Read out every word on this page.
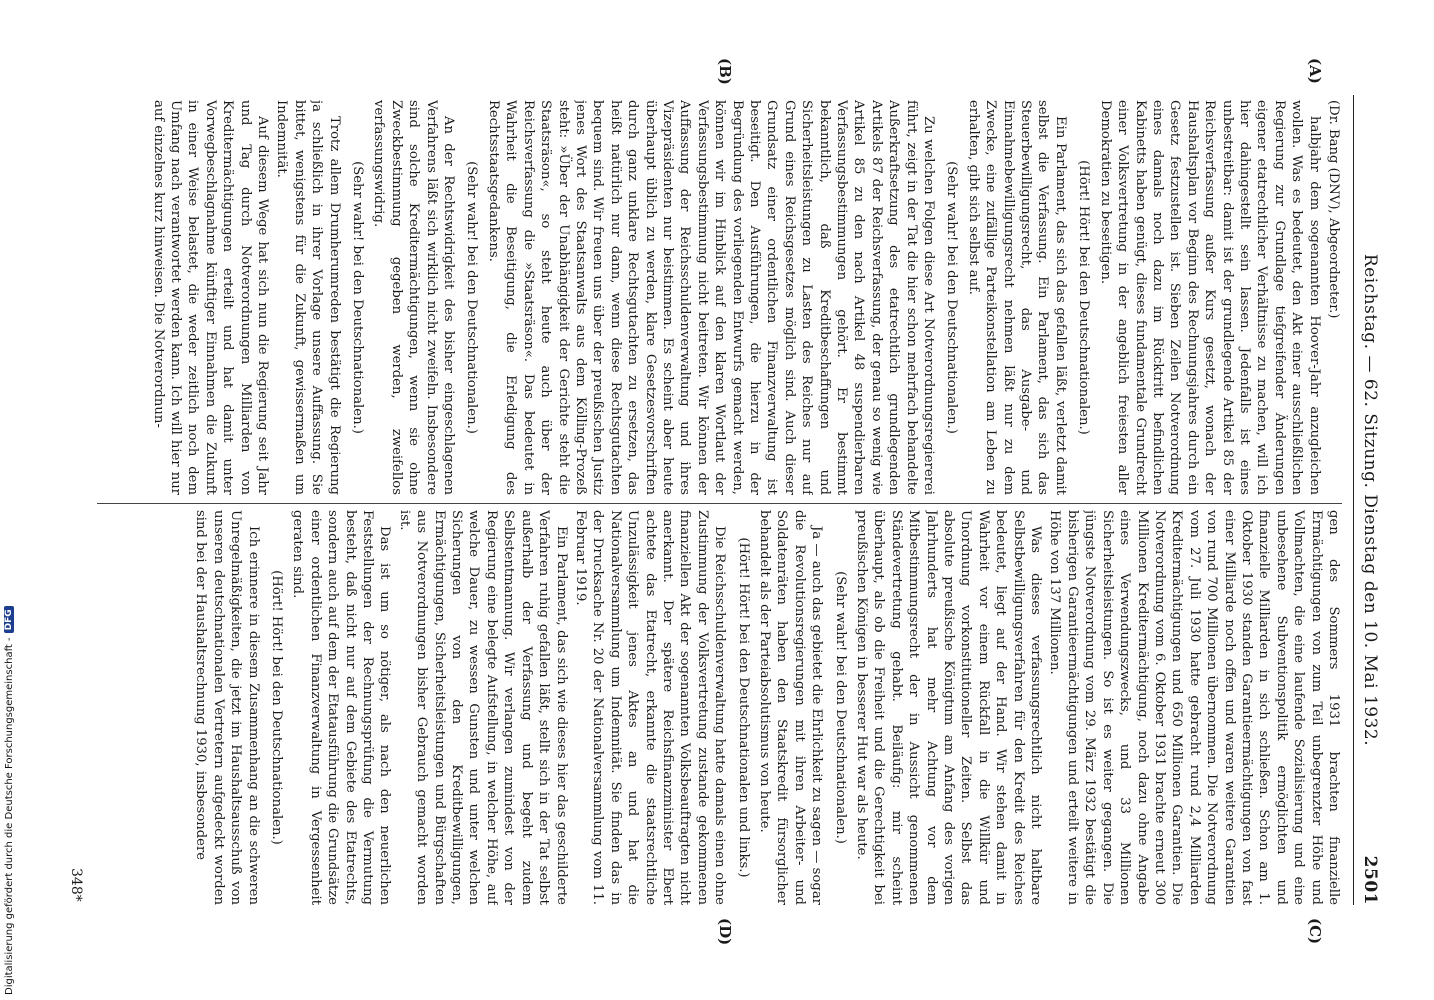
Reichstag. — 62. Sitzung. Dienstag den 10. Mai 1932.
2501
(A)
(B)
(C)
(D)

(Dr. Bang (DNV), Abgeordneter.)

halbjahr dem sogenannten Hoover-Jahr anzugleichen wollen. Was es bedeutet, den Akt einer ausschließlichen Regierung zur Grundlage tiefgreifender Änderungen eigener etatrechtlicher Verhältnisse zu machen, will ich hier dahingestellt sein lassen. Jedenfalls ist eines unbestreitbar: damit ist der grundlegende Artikel 85 der Reichsverfassung außer Kurs gesetzt, wonach der Haushaltsplan vor Beginn des Rechnungsjahres durch ein Gesetz festzustellen ist. Sieben Zeilen Notverordnung eines damals noch dazu im Rücktritt befindlichen Kabinetts haben genügt, dieses fundamentale Grundrecht einer Volksvertretung in der angeblich freiesten aller Demokratien zu beseitigen.

(Hört! Hört! bei den Deutschnationalen.)

Ein Parlament, das sich das gefallen läßt, verletzt damit selbst die Verfassung. Ein Parlament, das sich das Steuerbewilligungsrecht, das Ausgabe- und Einnahmebewilligungsrecht nehmen läßt nur zu dem Zwecke, eine zufällige Parteikonstellation am Leben zu erhalten, gibt sich selbst auf.

(Sehr wahr! bei den Deutschnationalen.)

Zu welchen Folgen diese Art Notverordnungsregiererei führt, zeigt in der Tat die hier schon mehrfach behandelte Außerkraftsetzung des etatrechtlich grundlegenden Artikels 87 der Reichsverfassung, der genau so wenig wie Artikel 85 zu den nach Artikel 48 suspendierbaren Verfassungsbestimmungen gehört. Er bestimmt bekanntlich, daß Kreditbeschaffungen und Sicherheitsleistungen zu Lasten des Reiches nur auf Grund eines Reichsgesetzes möglich sind. Auch dieser Grundsatz einer ordentlichen Finanzverwaltung ist beseitigt. Den Ausführungen, die hierzu in der Begründung des vorliegenden Entwurfs gemacht werden, können wir im Hinblick auf den klaren Wortlaut der Verfassungsbestimmung nicht beitreten. Wir können der Auffassung der Reichsschuldenverwaltung und ihres Vizepräsidenten nur beistimmen. Es scheint aber heute überhaupt üblich zu werden, klare Gesetzesvorschriften durch ganz unklare Rechtsgutachten zu ersetzen, das heißt natürlich nur dann, wenn diese Rechtsgutachten bequem sind. Wir freuen uns über der preußischen Justiz jenes Wort des Staatsanwalts aus dem Kölling-Prozeß steht: »Über der Unabhängigkeit der Gerichte steht die Staatsräson«, so steht heute auch über der Reichsverfassung die »Staatsräson«. Das bedeutet in Wahrheit die Beseitigung, die Erledigung des Rechtsstaatsgedankens.

(Sehr wahr! bei den Deutschnationalen.)

An der Rechtswidrigkeit des bisher eingeschlagenen Verfahrens läßt sich wirklich nicht zweifeln. Insbesondere sind solche Kreditermächtigungen, wenn sie ohne Zweckbestimmung gegeben werden, zweifellos verfassungswidrig.

(Sehr wahr! bei den Deutschnationalen.)

Trotz allem Drumherumreden bestätigt die Regierung ja schließlich in ihrer Vorlage unsere Auffassung. Sie bittet, wenigstens für die Zukunft, gewissermaßen um Indemnität.

Auf diesem Wege hat sich nun die Regierung seit Jahr und Tag durch Notverordnungen Milliarden von Kreditermächtigungen erteilt und hat damit unter Vorwegbeschlagnahme künftiger Einnahmen die Zukunft in einer Weise belastet, die weder zeitlich noch dem Umfang nach verantwortet werden kann. Ich will hier nur auf einzelnes kurz hinweisen. Die Notverordnun-

gen des Sommers 1931 brachten finanzielle Ermächtigungen von zum Teil unbegrenzter Höhe und Vollmachten, die eine laufende Sozialisierung und eine unbesehene Subventionspolitik ermöglichten und finanzielle Milliarden in sich schließen. Schon am 1. Oktober 1930 standen Garantieermächtigungen von fast einer Milliarde noch offen und waren weitere Garantien von rund 700 Millionen übernommen. Die Notverordnung vom 27. Juli 1930 hatte gebracht rund 2,4 Milliarden Kreditermächtigungen und 650 Millionen Garantien. Die Notverordnung vom 6. Oktober 1931 brachte erneut 300 Millionen Kreditermächtigung, noch dazu ohne Angabe eines Verwendungszwecks, und 33 Millionen Sicherheitsleistungen. So ist es weiter gegangen. Die jüngste Notverordnung vom 29. März 1932 bestätigt die bisherigen Garantieermächtigungen und erteilt weitere in Höhe von 137 Millionen.

Was dieses verfassungsrechtlich nicht haltbare Selbstbewilligungsverfahren für den Kredit des Reiches bedeutet, liegt auf der Hand. Wir stehen damit in Wahrheit vor einem Rückfall in die Willkür und Unordnung vorkonstitutioneller Zeiten. Selbst das absolute preußische Königtum am Anfang des vorigen Jahrhunderts hat mehr Achtung vor dem Mitbestimmungsrecht der in Aussicht genommenen Ständevertretung gehabt. Beiläufig: mir scheint überhaupt, als ob die Freiheit und die Gerechtigkeit bei preußischen Königen in besserer Hut war als heute.

(Sehr wahr! bei den Deutschnationalen.)

Ja — auch das gebietet die Ehrlichkeit zu sagen — sogar die Revolutionsregierungen mit ihren Arbeiter- und Soldatenräten haben den Staatskredit fürsorglicher behandelt als der Parteiabsolutismus von heute.

(Hört! Hört! bei den Deutschnationalen und links.)

Die Reichsschuldenverwaltung hatte damals einen ohne Zustimmung der Volksvertretung zustande gekommenen finanziellen Akt der sogenannten Volksbeauftragten nicht anerkannt. Der spätere Reichsfinanzminister Ebert achtete das Etatrecht, erkannte die staatsrechtliche Unzulässigkeit jenes Aktes an und hat die Nationalversammlung um Indemnität. Sie finden das in der Drucksache Nr. 20 der Nationalversammlung vom 11. Februar 1919.

Ein Parlament, das sich wie dieses hier das geschilderte Verfahren ruhig gefallen läßt, stellt sich in der Tat selbst außerhalb der Verfassung und begeht zudem Selbstentmannung. Wir verlangen zumindest von der Regierung eine belegte Aufstellung, in welcher Höhe, auf welche Dauer, zu wessen Gunsten und unter welchen Sicherungen von den Kreditbewilligungen, Ermächtigungen, Sicherheitsleistungen und Bürgschaften aus Notverordnungen bisher Gebrauch gemacht worden ist.

Das ist um so nötiger, als nach den neuerlichen Feststellungen der Rechnungsprüfung die Vermutung besteht, daß nicht nur auf dem Gebiete des Etatrechts, sondern auch auf dem der Etatausführung die Grundsätze einer ordentlichen Finanzverwaltung in Vergessenheit geraten sind.

(Hört! Hört! bei den Deutschnationalen.)

Ich erinnere in diesem Zusammenhang an die schweren Unregelmäßigkeiten, die jetzt im Haushaltsausschuß von unseren deutschnationalen Vertretern aufgedeckt worden sind bei der Haushaltsrechnung 1930, insbesondere

348*
Digitalisierung gefördert durch die Deutsche Forschungsgemeinschaft -
DFG
